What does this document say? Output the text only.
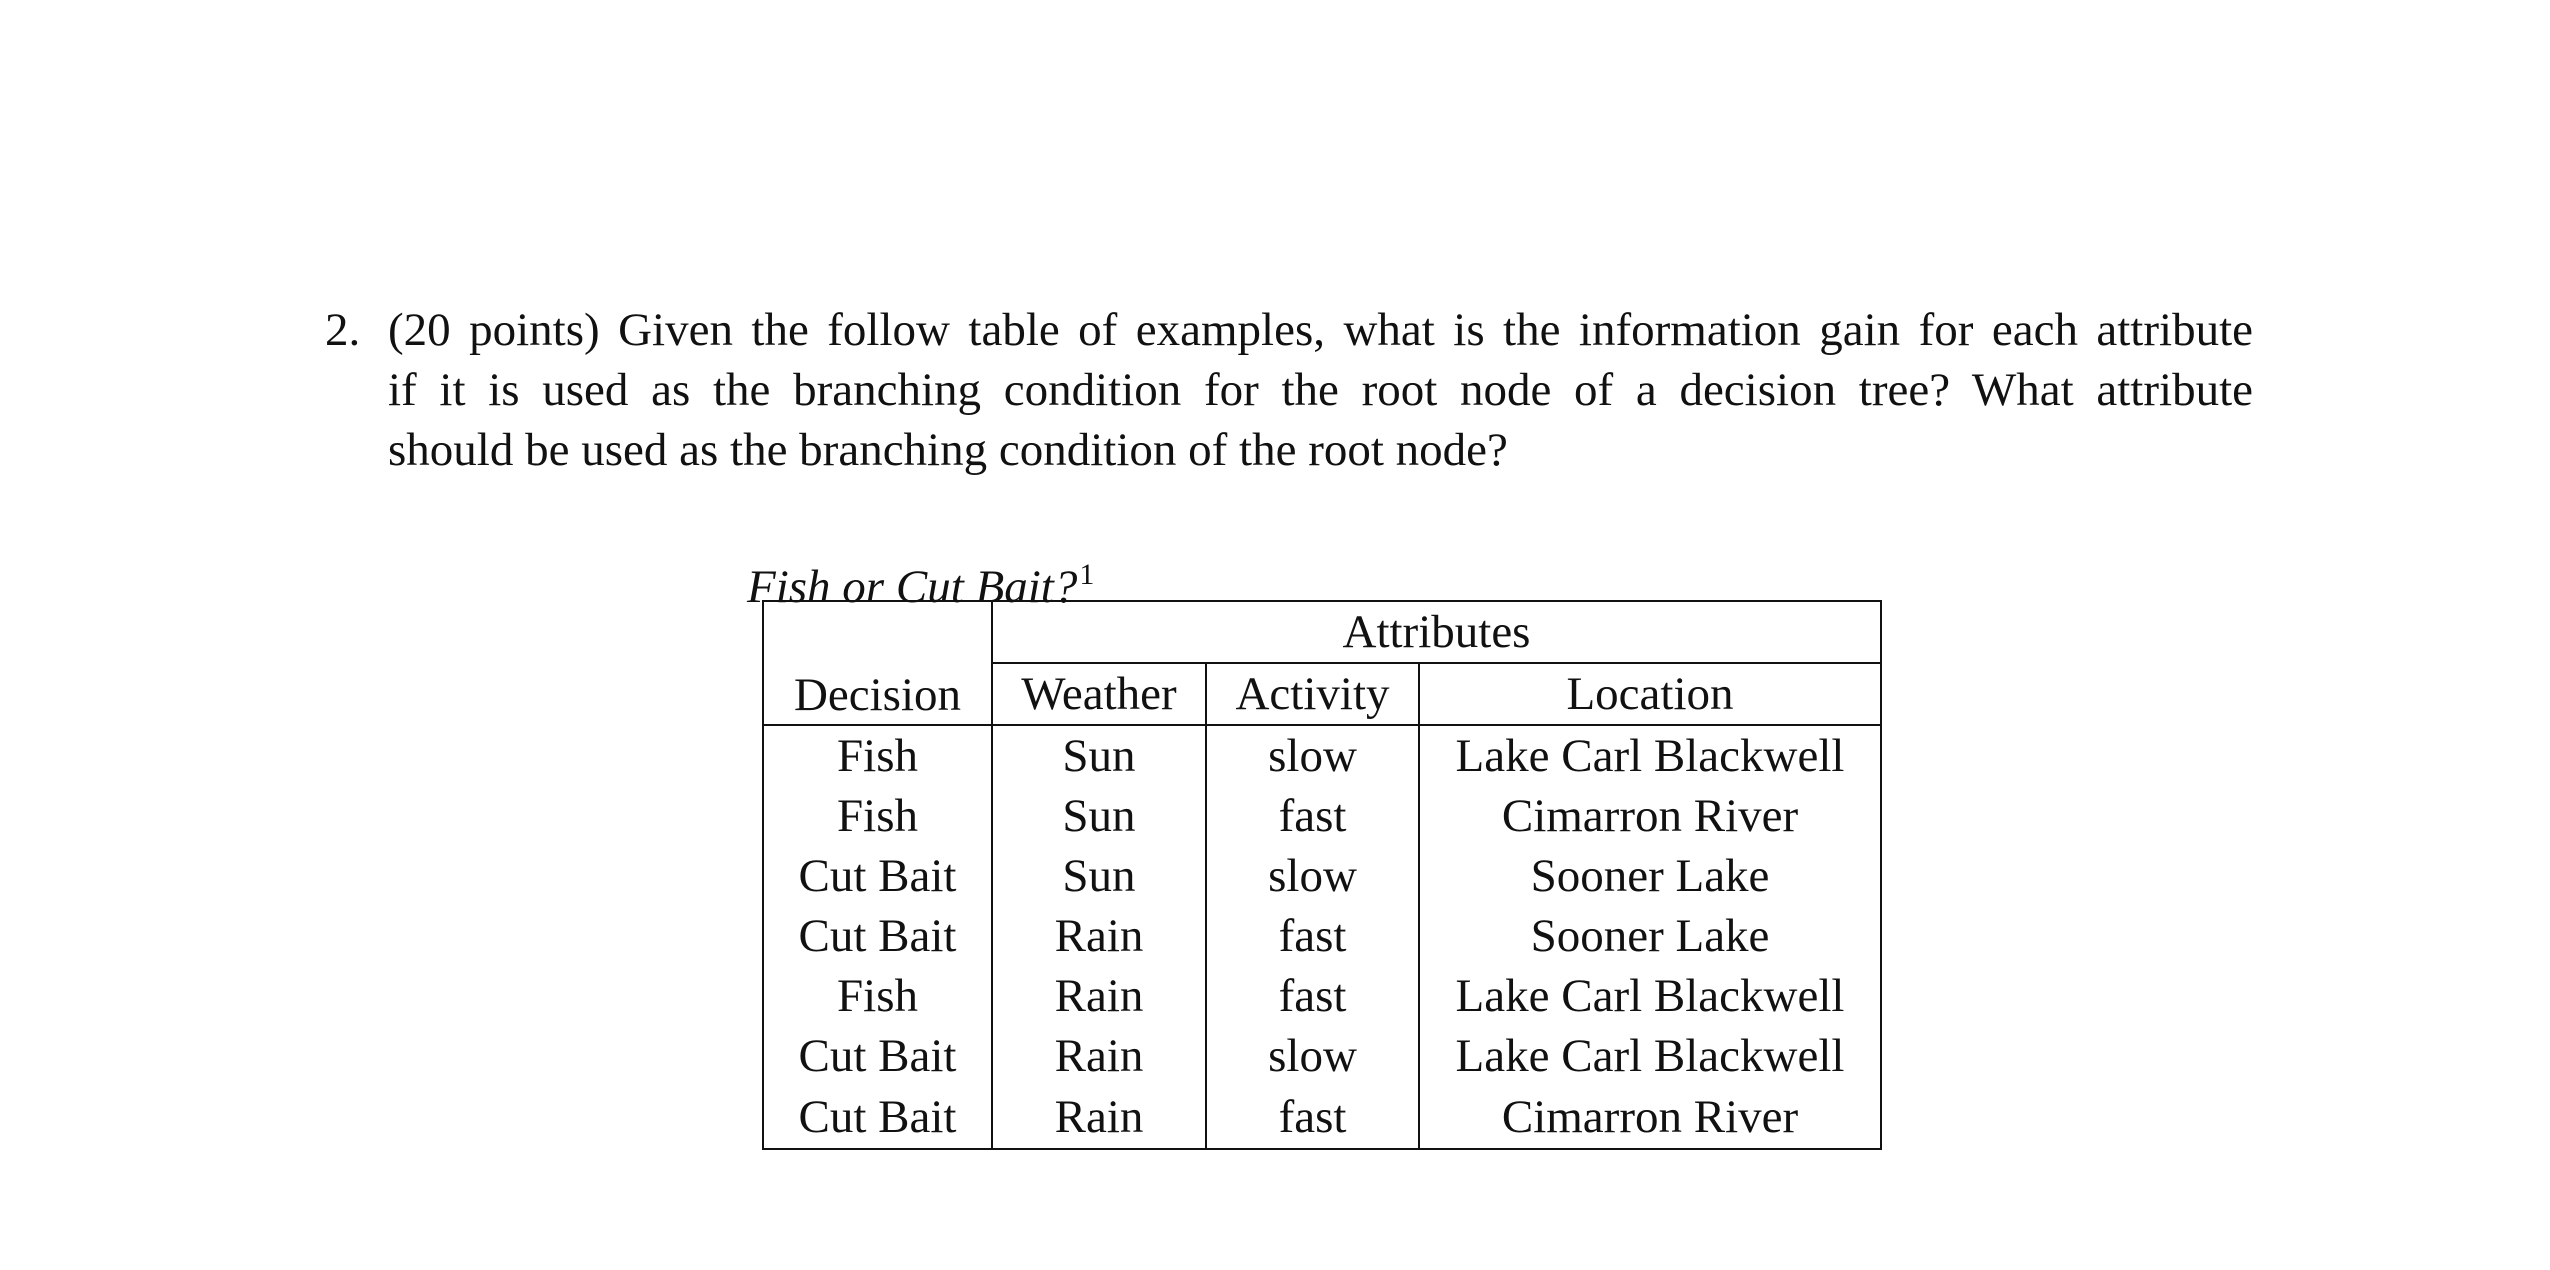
2. (20 points) Given the follow table of examples, what is the information gain for each attribute
if it is used as the branching condition for the root node of a decision tree? What attribute
should be used as the branching condition of the root node?
Fish or Cut Bait?$^1$
Decision	Attributes		
	Weather	Activity	Location
Fish	Sun	slow	Lake Carl Blackwell
Fish	Sun	fast	Cimarron River
Cut Bait	Sun	slow	Sooner Lake
Cut Bait	Rain	fast	Sooner Lake
Fish	Rain	fast	Lake Carl Blackwell
Cut Bait	Rain	slow	Lake Carl Blackwell
Cut Bait	Rain	fast	Cimarron River
